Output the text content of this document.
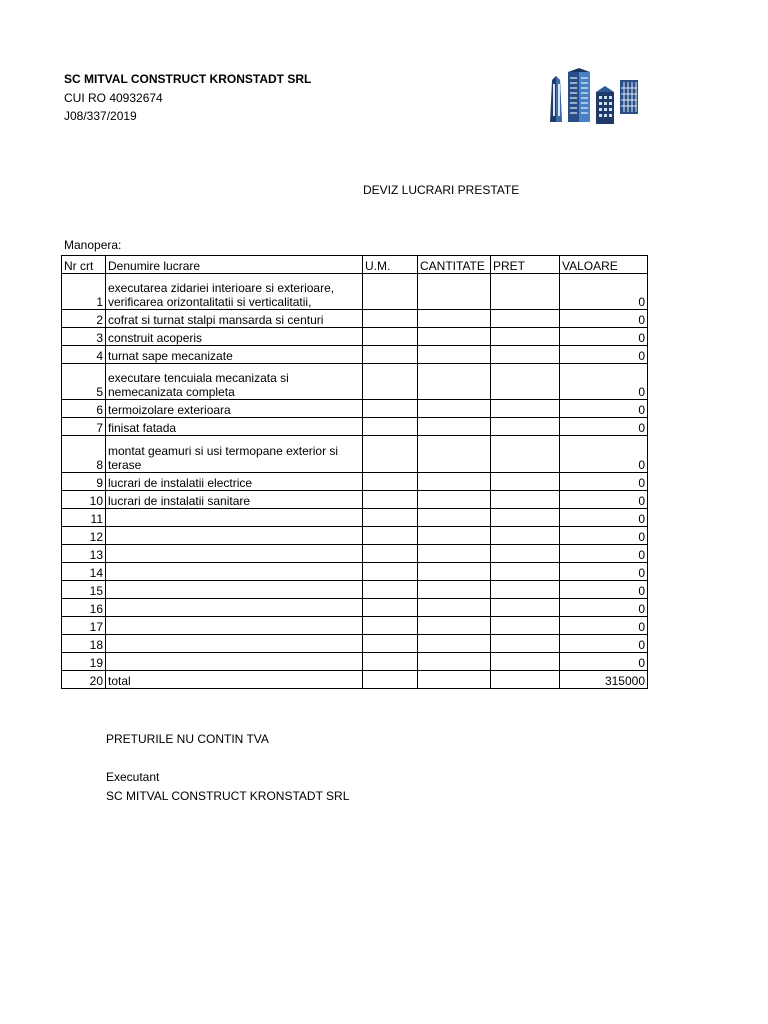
SC MITVAL CONSTRUCT KRONSTADT SRL
CUI RO 40932674
J08/337/2019
DEVIZ LUCRARI PRESTATE
Manopera:
Nr crt	Denumire lucrare	U.M.	CANTITATE	PRET	VALOARE
1	executarea zidariei interioare si exterioare, verificarea orizontalitatii si verticalitatii,				0
2	cofrat si turnat stalpi mansarda si centuri				0
3	construit acoperis				0
4	turnat sape mecanizate				0
5	executare tencuiala mecanizata si nemecanizata completa				0
6	termoizolare exterioara				0
7	finisat fatada				0
8	montat geamuri si usi termopane exterior si terase				0
9	lucrari de instalatii electrice				0
10	lucrari de instalatii sanitare				0
11					0
12					0
13					0
14					0
15					0
16					0
17					0
18					0
19					0
20	total				315000
PRETURILE NU CONTIN TVA
Executant
SC MITVAL CONSTRUCT KRONSTADT SRL
